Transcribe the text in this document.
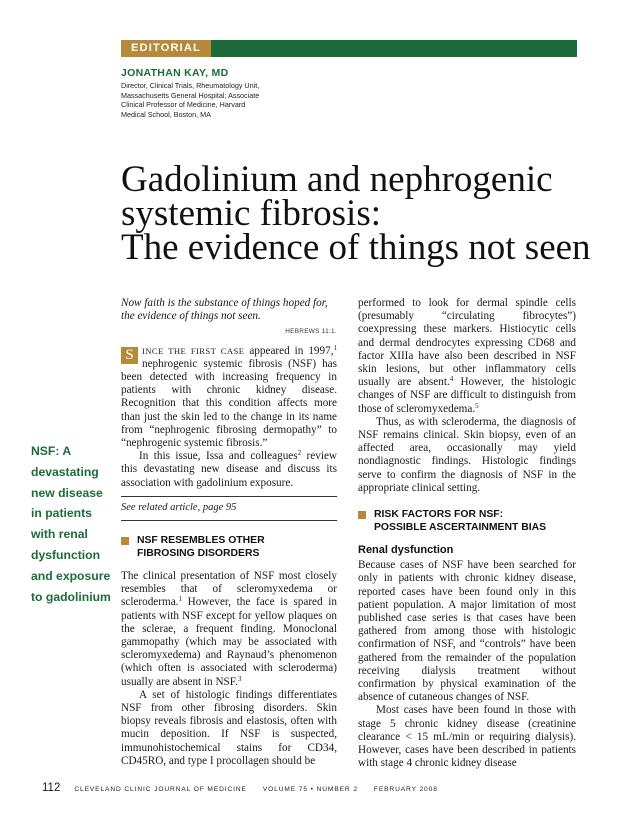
EDITORIAL
JONATHAN KAY, MD
Director, Clinical Trials, Rheumatology Unit,
Massachusetts General Hospital; Associate
Clinical Professor of Medicine, Harvard
Medical School, Boston, MA
Gadolinium and nephrogenic
systemic fibrosis:
The evidence of things not seen
NSF: A
devastating
new disease
in patients
with renal
dysfunction
and exposure
to gadolinium

Now faith is the substance of things hoped for, the evidence of things not seen.

HEBREWS 11:1.

S INCE THE FIRST CASE appeared in 1997,$^1$ nephrogenic systemic fibrosis (NSF) has been detected with increasing frequency in patients with chronic kidney disease. Recognition that this condition affects more than just the skin led to the change in its name from “nephrogenic fibrosing dermopathy” to “nephrogenic systemic fibrosis.”

In this issue, Issa and colleagues$^2$ review this devastating new disease and discuss its association with gadolinium exposure.

See related article, page 95
NSF RESEMBLES OTHER
FIBROSING DISORDERS

The clinical presentation of NSF most closely resembles that of scleromyxedema or scleroderma.$^1$ However, the face is spared in patients with NSF except for yellow plaques on the sclerae, a frequent finding. Monoclonal gammopathy (which may be associated with scleromyxedema) and Raynaud’s phenomenon (which often is associated with scleroderma) usually are absent in NSF.$^3$

A set of histologic findings differentiates NSF from other fibrosing disorders. Skin biopsy reveals fibrosis and elastosis, often with mucin deposition. If NSF is suspected, immunohistochemical stains for CD34, CD45RO, and type I procollagen should be

performed to look for dermal spindle cells (presumably “circulating fibrocytes”) coexpressing these markers. Histiocytic cells and dermal dendrocytes expressing CD68 and factor XIIIa have also been described in NSF skin lesions, but other inflammatory cells usually are absent.$^4$ However, the histologic changes of NSF are difficult to distinguish from those of scleromyxedema.$^5$

Thus, as with scleroderma, the diagnosis of NSF remains clinical. Skin biopsy, even of an affected area, occasionally may yield nondiagnostic findings. Histologic findings serve to confirm the diagnosis of NSF in the appropriate clinical setting.

RISK FACTORS FOR NSF:
POSSIBLE ASCERTAINMENT BIAS
Renal dysfunction

Because cases of NSF have been searched for only in patients with chronic kidney disease, reported cases have been found only in this patient population. A major limitation of most published case series is that cases have been gathered from among those with histologic confirmation of NSF, and “controls” have been gathered from the remainder of the population receiving dialysis treatment without confirmation by physical examination of the absence of cutaneous changes of NSF.

Most cases have been found in those with stage 5 chronic kidney disease (creatinine clearance < 15 mL/min or requiring dialysis). However, cases have been described in patients with stage 4 chronic kidney disease

112 CLEVELAND CLINIC JOURNAL OF MEDICINE VOLUME 75 • NUMBER 2 FEBRUARY 2008
